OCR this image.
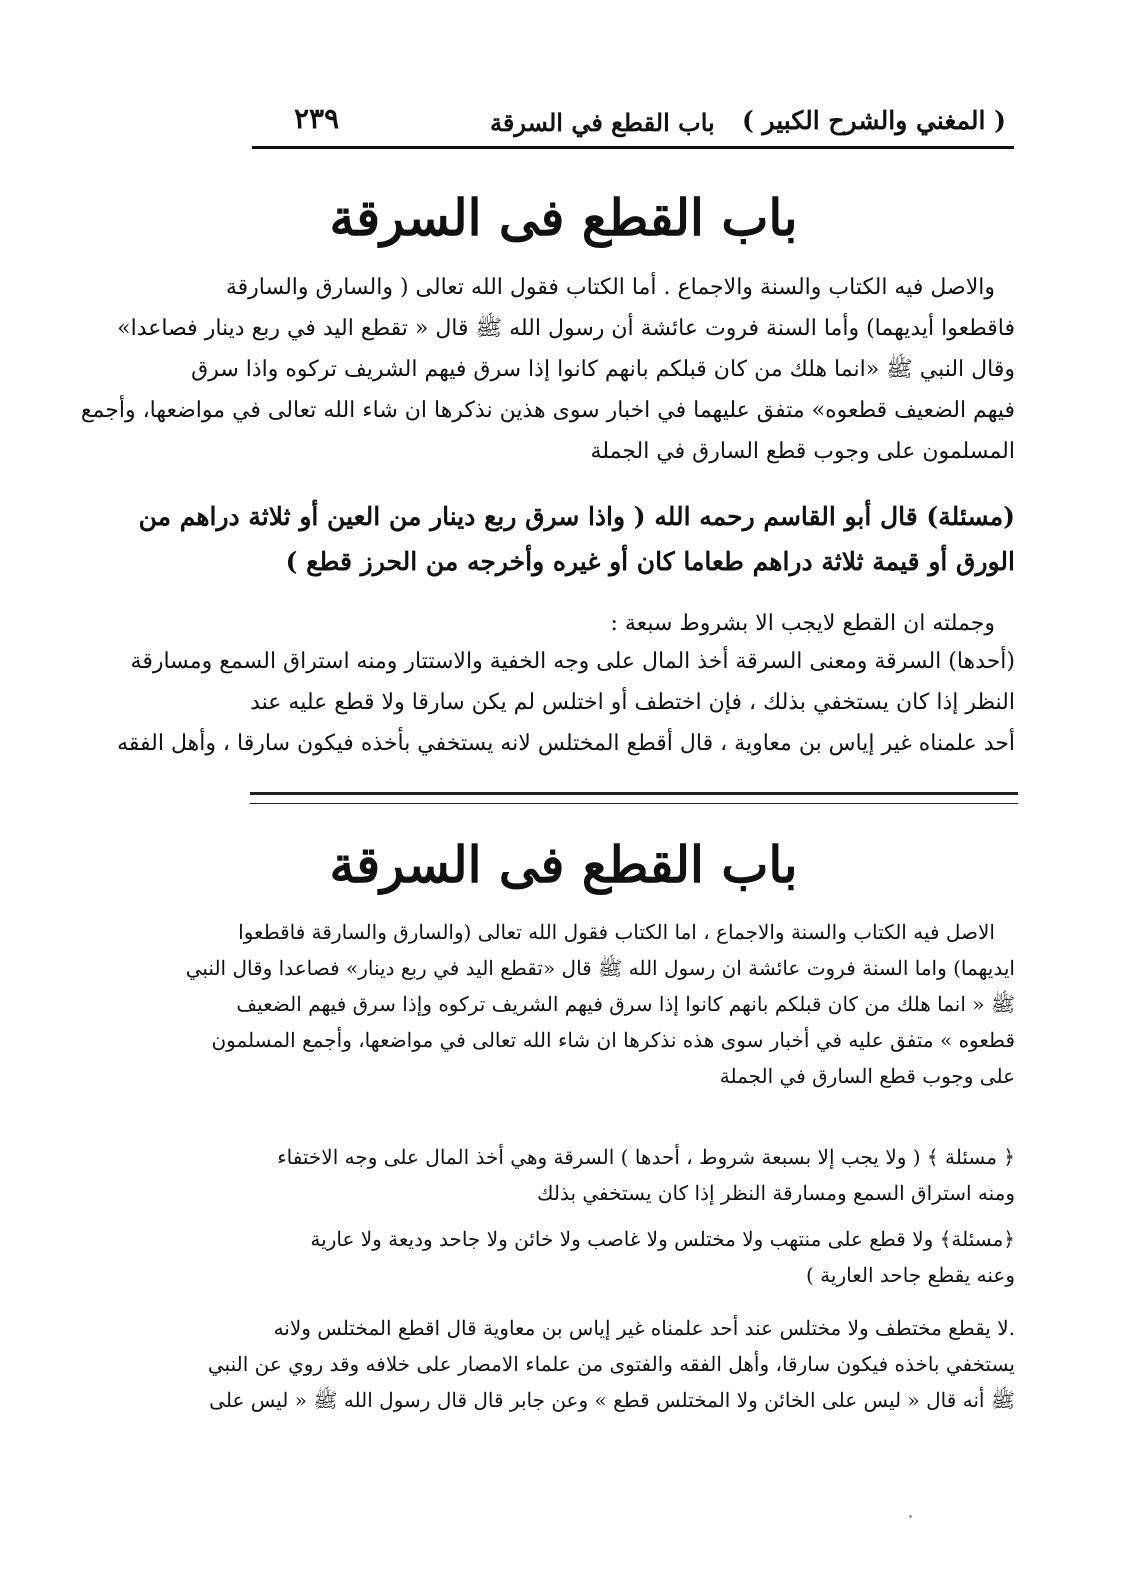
( المغني والشرح الكبير )
باب القطع في السرقة
٢٣٩
باب القطع فى السرقة
والاصل فيه الكتاب والسنة والاجماع . أما الكتاب فقول الله تعالى ( والسارق والسارقة
فاقطعوا أيديهما) وأما السنة فروت عائشة أن رسول الله ﷺ قال « تقطع اليد في ربع دينار فصاعدا»
وقال النبي ﷺ «انما هلك من كان قبلكم بانهم كانوا إذا سرق فيهم الشريف تركوه واذا سرق
فيهم الضعيف قطعوه» متفق عليهما في اخبار سوى هذين نذكرها ان شاء الله تعالى في مواضعها، وأجمع
المسلمون على وجوب قطع السارق في الجملة
(مسئلة) قال أبو القاسم رحمه الله ( واذا سرق ربع دينار من العين أو ثلاثة دراهم من
الورق أو قيمة ثلاثة دراهم طعاما كان أو غيره وأخرجه من الحرز قطع )
وجملته ان القطع لايجب الا بشروط سبعة :
(أحدها) السرقة ومعنى السرقة أخذ المال على وجه الخفية والاستتار ومنه استراق السمع ومسارقة
النظر إذا كان يستخفي بذلك ، فإن اختطف أو اختلس لم يكن سارقا ولا قطع عليه عند
أحد علمناه غير إياس بن معاوية ، قال أقطع المختلس لانه يستخفي بأخذه فيكون سارقا ، وأهل الفقه
باب القطع فى السرقة
الاصل فيه الكتاب والسنة والاجماع ، اما الكتاب فقول الله تعالى (والسارق والسارقة فاقطعوا
ايديهما) واما السنة فروت عائشة ان رسول الله ﷺ قال «تقطع اليد في ربع دينار» فصاعدا وقال النبي
ﷺ « انما هلك من كان قبلكم بانهم كانوا إذا سرق فيهم الشريف تركوه وإذا سرق فيهم الضعيف
قطعوه » متفق عليه في أخبار سوى هذه نذكرها ان شاء الله تعالى في مواضعها، وأجمع المسلمون
على وجوب قطع السارق في الجملة
﴿ مسئلة ﴾ ( ولا يجب إلا بسبعة شروط ، أحدها ) السرقة وهي أخذ المال على وجه الاختفاء
ومنه استراق السمع ومسارقة النظر إذا كان يستخفي بذلك
﴿مسئلة﴾ ولا قطع على منتهب ولا مختلس ولا غاصب ولا خائن ولا جاحد وديعة ولا عارية
وعنه يقطع جاحد العارية )
.لا يقطع مختطف ولا مختلس عند أحد علمناه غير إياس بن معاوية قال اقطع المختلس ولانه
يستخفي باخذه فيكون سارقا، وأهل الفقه والفتوى من علماء الامصار على خلافه وقد روي عن النبي
ﷺ أنه قال « ليس على الخائن ولا المختلس قطع » وعن جابر قال قال رسول الله ﷺ « ليس على
